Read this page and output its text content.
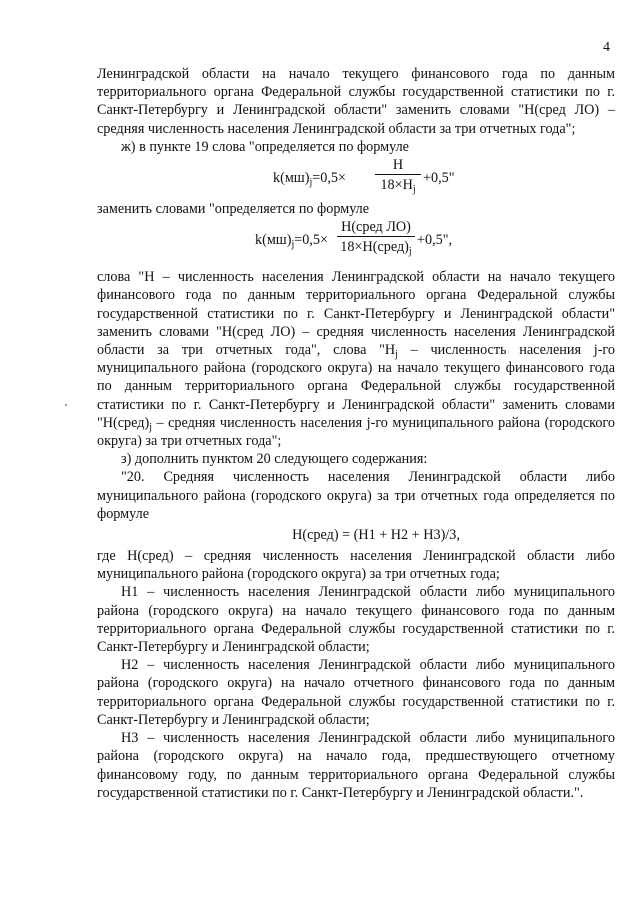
4

Ленинградской области на начало текущего финансового года по данным территориального органа Федеральной службы государственной статистики по г. Санкт-Петербургу и Ленинградской области" заменить словами "Н(сред ЛО) – средняя численность населения Ленинградской области за три отчетных года";

ж) в пункте 19 слова "определяется по формуле

$k(мш)_j=0,5\times$
Н
$18\times Н_j$
+0,5"

заменить словами "определяется по формуле

$k(мш)_j=0,5\times$
Н(сред ЛО)
$18\times Н(сред)_j$
+0,5",

слова "Н – численность населения Ленинградской области на начало текущего финансового года по данным территориального органа Федеральной службы государственной статистики по г. Санкт-Петербургу и Ленинградской области" заменить словами "Н(сред ЛО) – средняя численность населения Ленинградской области за три отчетных года", слова "$Н_j$ – численность населения j-го муниципального района (городского округа) на начало текущего финансового года по данным территориального органа Федеральной службы государственной статистики по г. Санкт-Петербургу и Ленинградской области" заменить словами "$Н(сред)_j$ – средняя численность населения j-го муниципального района (городского округа) за три отчетных года";

з) дополнить пунктом 20 следующего содержания:

"20. Средняя численность населения Ленинградской области либо муниципального района (городского округа) за три отчетных года определяется по формуле

Н(сред) = (Н1 + Н2 + Н3)/3,

где Н(сред) – средняя численность населения Ленинградской области либо муниципального района (городского округа) за три отчетных года;

Н1 – численность населения Ленинградской области либо муниципального района (городского округа) на начало текущего финансового года по данным территориального органа Федеральной службы государственной статистики по г. Санкт-Петербургу и Ленинградской области;

Н2 – численность населения Ленинградской области либо муниципального района (городского округа) на начало отчетного финансового года по данным территориального органа Федеральной службы государственной статистики по г. Санкт-Петербургу и Ленинградской области;

Н3 – численность населения Ленинградской области либо муниципального района (городского округа) на начало года, предшествующего отчетному финансовому году, по данным территориального органа Федеральной службы государственной статистики по г. Санкт-Петербургу и Ленинградской области.".
